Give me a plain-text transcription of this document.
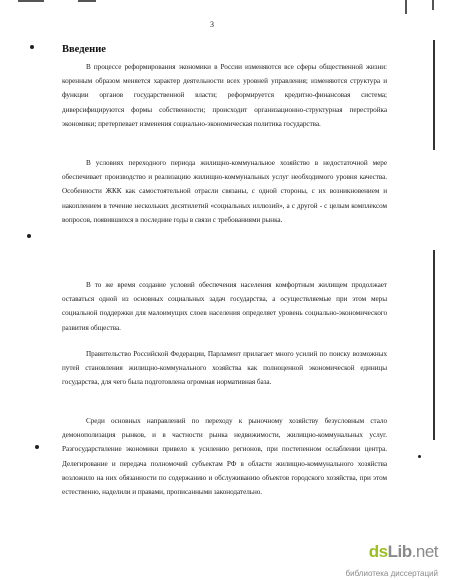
3
Введение
В процессе реформирования экономики в России изменяются все сферы общественной жизни: коренным образом меняется характер деятельности всех уровней управления; изменяются структура и функции органов государственной власти; реформируется кредитно-финансовая система; диверсифицируются формы собственности; происходит организационно-структурная перестройка экономики; претерпевает изменения социально-экономическая политика государства.
В условиях переходного периода жилищно-коммунальное хозяйство в недостаточной мере обеспечивает производство и реализацию жилищно-коммунальных услуг необходимого уровня качества. Особенности ЖКК как самостоятельной отрасли связаны, с одной стороны, с их возникновением и накоплением в течение нескольких десятилетий «социальных иллюзий», а с другой - с целым комплексом вопросов, появившихся в последние годы в связи с требованиями рынка.
В то же время создание условий обеспечения населения комфортным жилищем продолжает оставаться одной из основных социальных задач государства, а осуществляемые при этом меры социальной поддержки для малоимущих слоев населения определяет уровень социально-экономического развития общества.
Правительство Российской Федерации, Парламент прилагает много усилий по поиску возможных путей становления жилищно-коммунального хозяйства как полноценной экономической единицы государства, для чего была подготовлена огромная нормативная база.
Среди основных направлений по переходу к рыночному хозяйству безусловным стало демонополизация рынков, и в частности рынка недвижимости, жилищно-коммунальных услуг. Разгосударствление экономики привело к усилению регионов, при постепенном ослаблении центра. Делегирование и передача полномочий субъектам РФ в области жилищно-коммунального хозяйства возложило на них обязанности по содержанию и обслуживанию объектов городского хозяйства, при этом естественно, наделили и правами, прописанными законодательно.
dsLib.net
библиотека диссертаций
